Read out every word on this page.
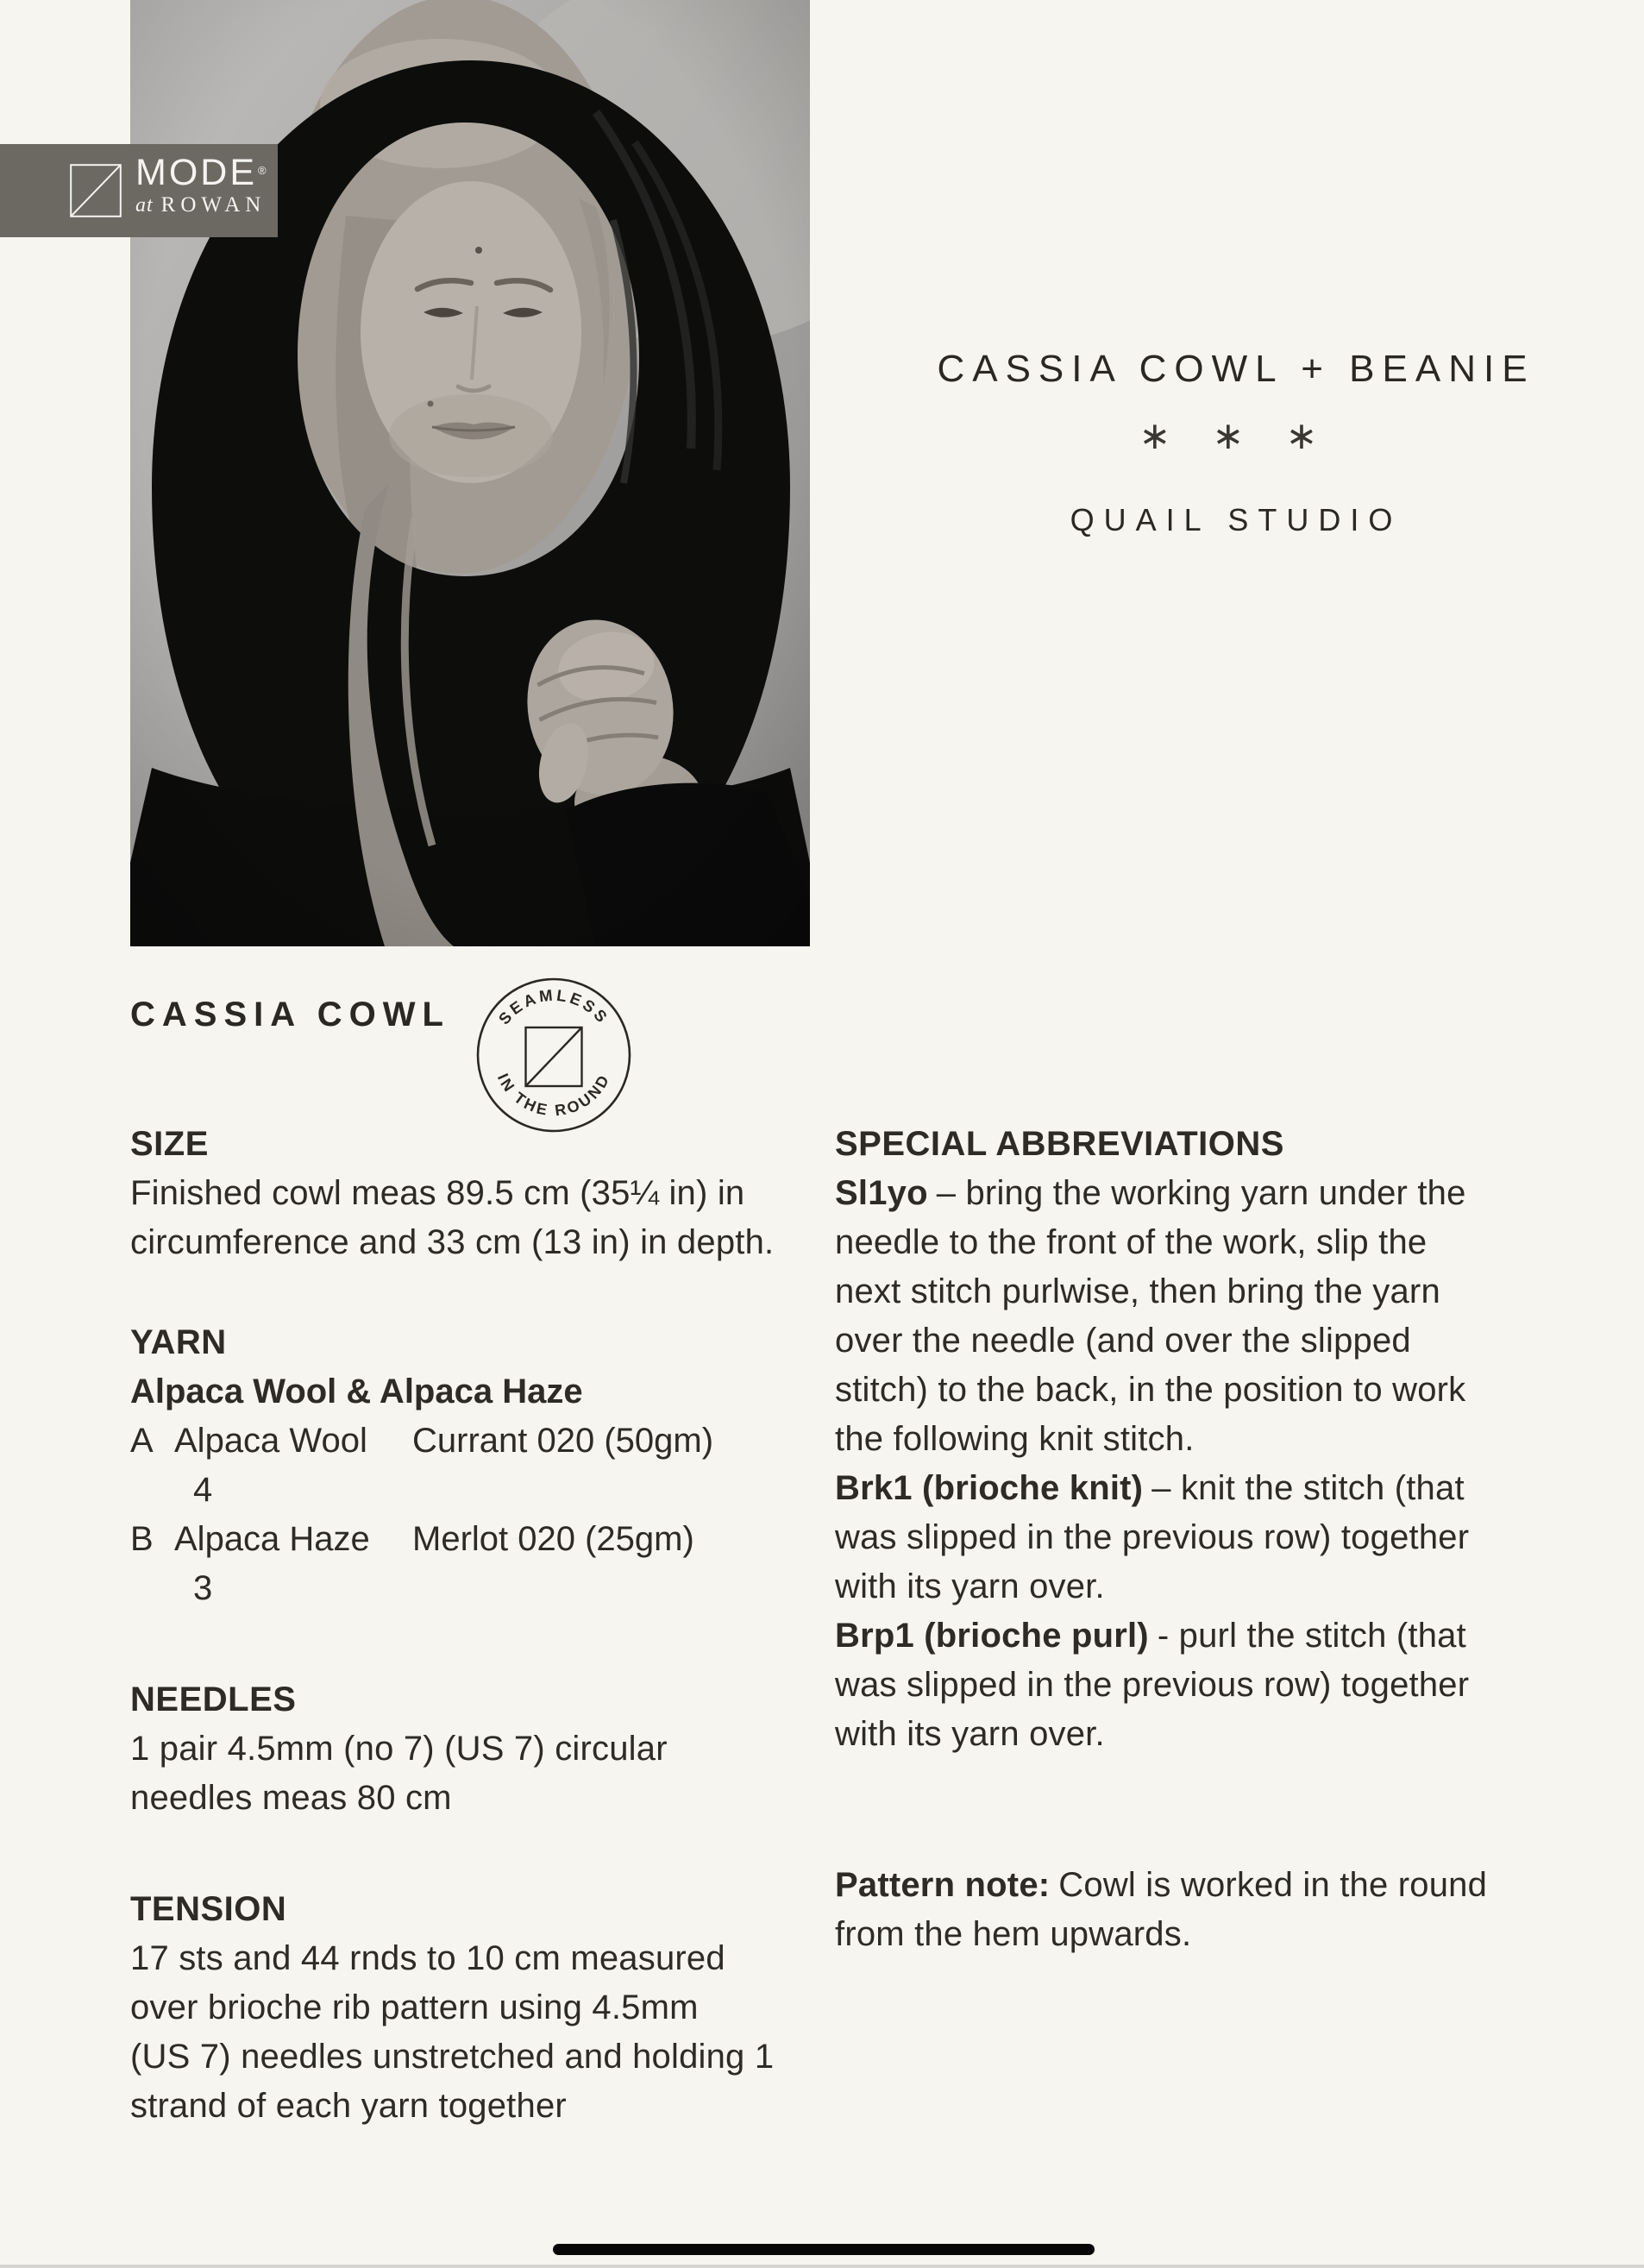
MODE®
at ROWAN
CASSIA COWL + BEANIE
∗ ∗ ∗
QUAIL STUDIO
CASSIA COWL	SEAMLESS
IN THE ROUND
SIZE
Finished cowl meas 89.5 cm (35¼ in) in
circumference and 33 cm (13 in) in depth.
YARN
Alpaca Wool & Alpaca Haze
A Alpaca Wool	Currant 020 (50gm)
4
B Alpaca Haze	Merlot 020 (25gm)
3
NEEDLES
1 pair 4.5mm (no 7) (US 7) circular
needles meas 80 cm
TENSION
17 sts and 44 rnds to 10 cm measured
over brioche rib pattern using 4.5mm
(US 7) needles unstretched and holding 1
strand of each yarn together
SPECIAL ABBREVIATIONS
Sl1yo – bring the working yarn under the
needle to the front of the work, slip the
next stitch purlwise, then bring the yarn
over the needle (and over the slipped
stitch) to the back, in the position to work
the following knit stitch.
Brk1 (brioche knit) – knit the stitch (that
was slipped in the previous row) together
with its yarn over.
Brp1 (brioche purl) - purl the stitch (that
was slipped in the previous row) together
with its yarn over.
Pattern note: Cowl is worked in the round
from the hem upwards.
